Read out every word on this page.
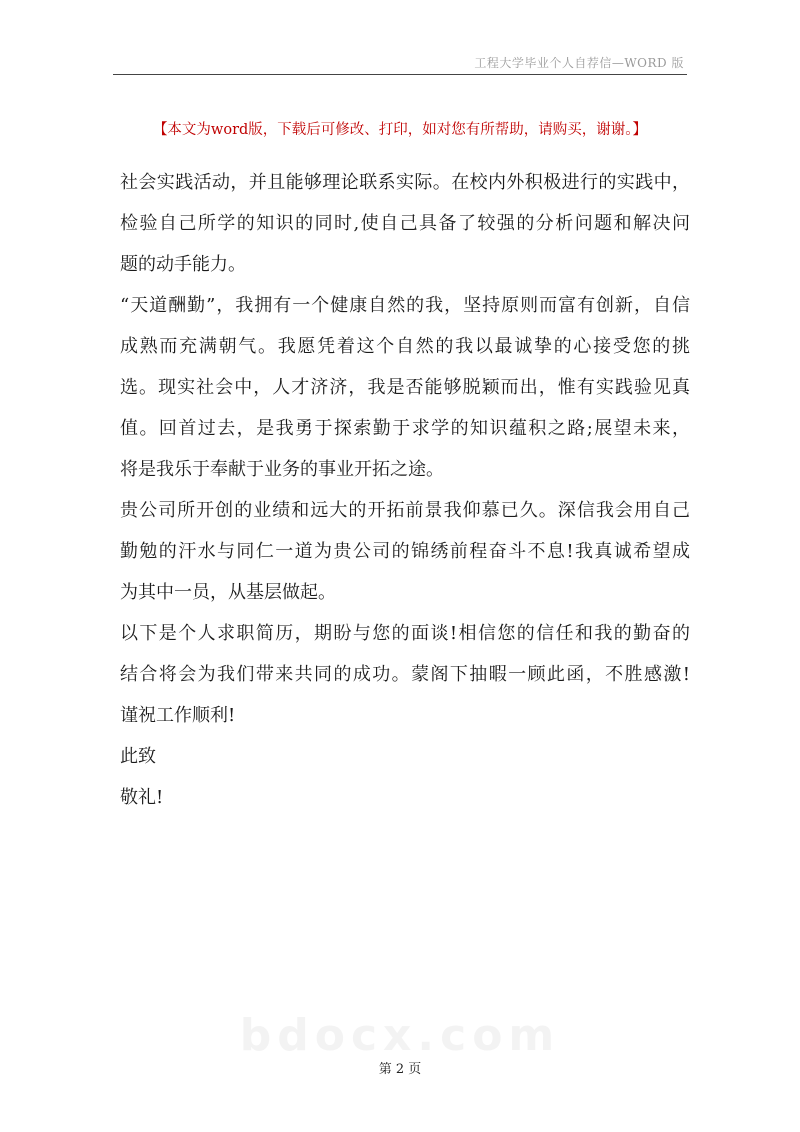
工程大学毕业个人自荐信—WORD 版
【本文为word版，下载后可修改、打印，如对您有所帮助，请购买，谢谢。】
社会实践活动，并且能够理论联系实际。在校内外积极进行的实践中，
检验自己所学的知识的同时,使自己具备了较强的分析问题和解决问
题的动手能力。
“天道酬勤”，我拥有一个健康自然的我，坚持原则而富有创新，自信
成熟而充满朝气。我愿凭着这个自然的我以最诚挚的心接受您的挑
选。现实社会中，人才济济，我是否能够脱颖而出，惟有实践验见真
值。回首过去，是我勇于探索勤于求学的知识蕴积之路;展望未来，
将是我乐于奉献于业务的事业开拓之途。
贵公司所开创的业绩和远大的开拓前景我仰慕已久。深信我会用自己
勤勉的汗水与同仁一道为贵公司的锦绣前程奋斗不息!我真诚希望成
为其中一员，从基层做起。
以下是个人求职简历，期盼与您的面谈!相信您的信任和我的勤奋的
结合将会为我们带来共同的成功。蒙阁下抽暇一顾此函，不胜感激!
谨祝工作顺利!
此致
敬礼!
bdocx.com
第 2 页
